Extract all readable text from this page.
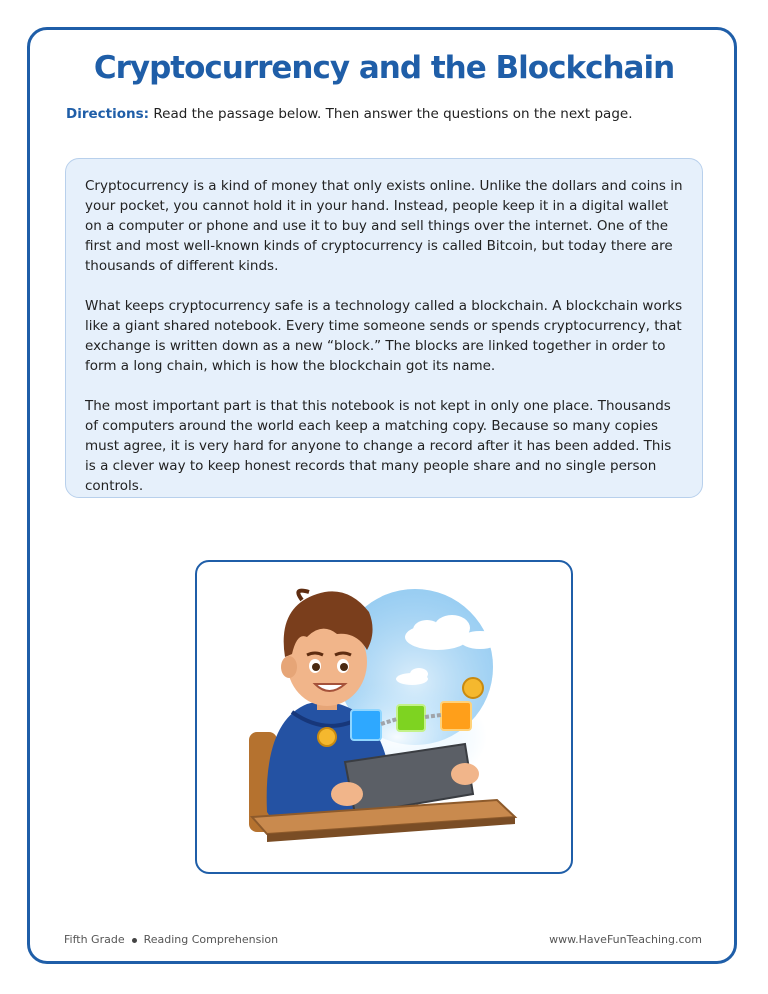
Cryptocurrency and the Blockchain
Directions: Read the passage below. Then answer the questions on the next page.

Cryptocurrency is a kind of money that only exists online. Unlike the dollars and coins in your pocket, you cannot hold it in your hand. Instead, people keep it in a digital wallet on a computer or phone and use it to buy and sell things over the internet. One of the first and most well-known kinds of cryptocurrency is called Bitcoin, but today there are thousands of different kinds.

What keeps cryptocurrency safe is a technology called a blockchain. A blockchain works like a giant shared notebook. Every time someone sends or spends cryptocurrency, that exchange is written down as a new “block.” The blocks are linked together in order to form a long chain, which is how the blockchain got its name.

The most important part is that this notebook is not kept in only one place. Thousands of computers around the world each keep a matching copy. Because so many copies must agree, it is very hard for anyone to change a record after it has been added. This is a clever way to keep honest records that many people share and no single person controls.

Fifth Grade Reading Comprehension	www.HaveFunTeaching.com
